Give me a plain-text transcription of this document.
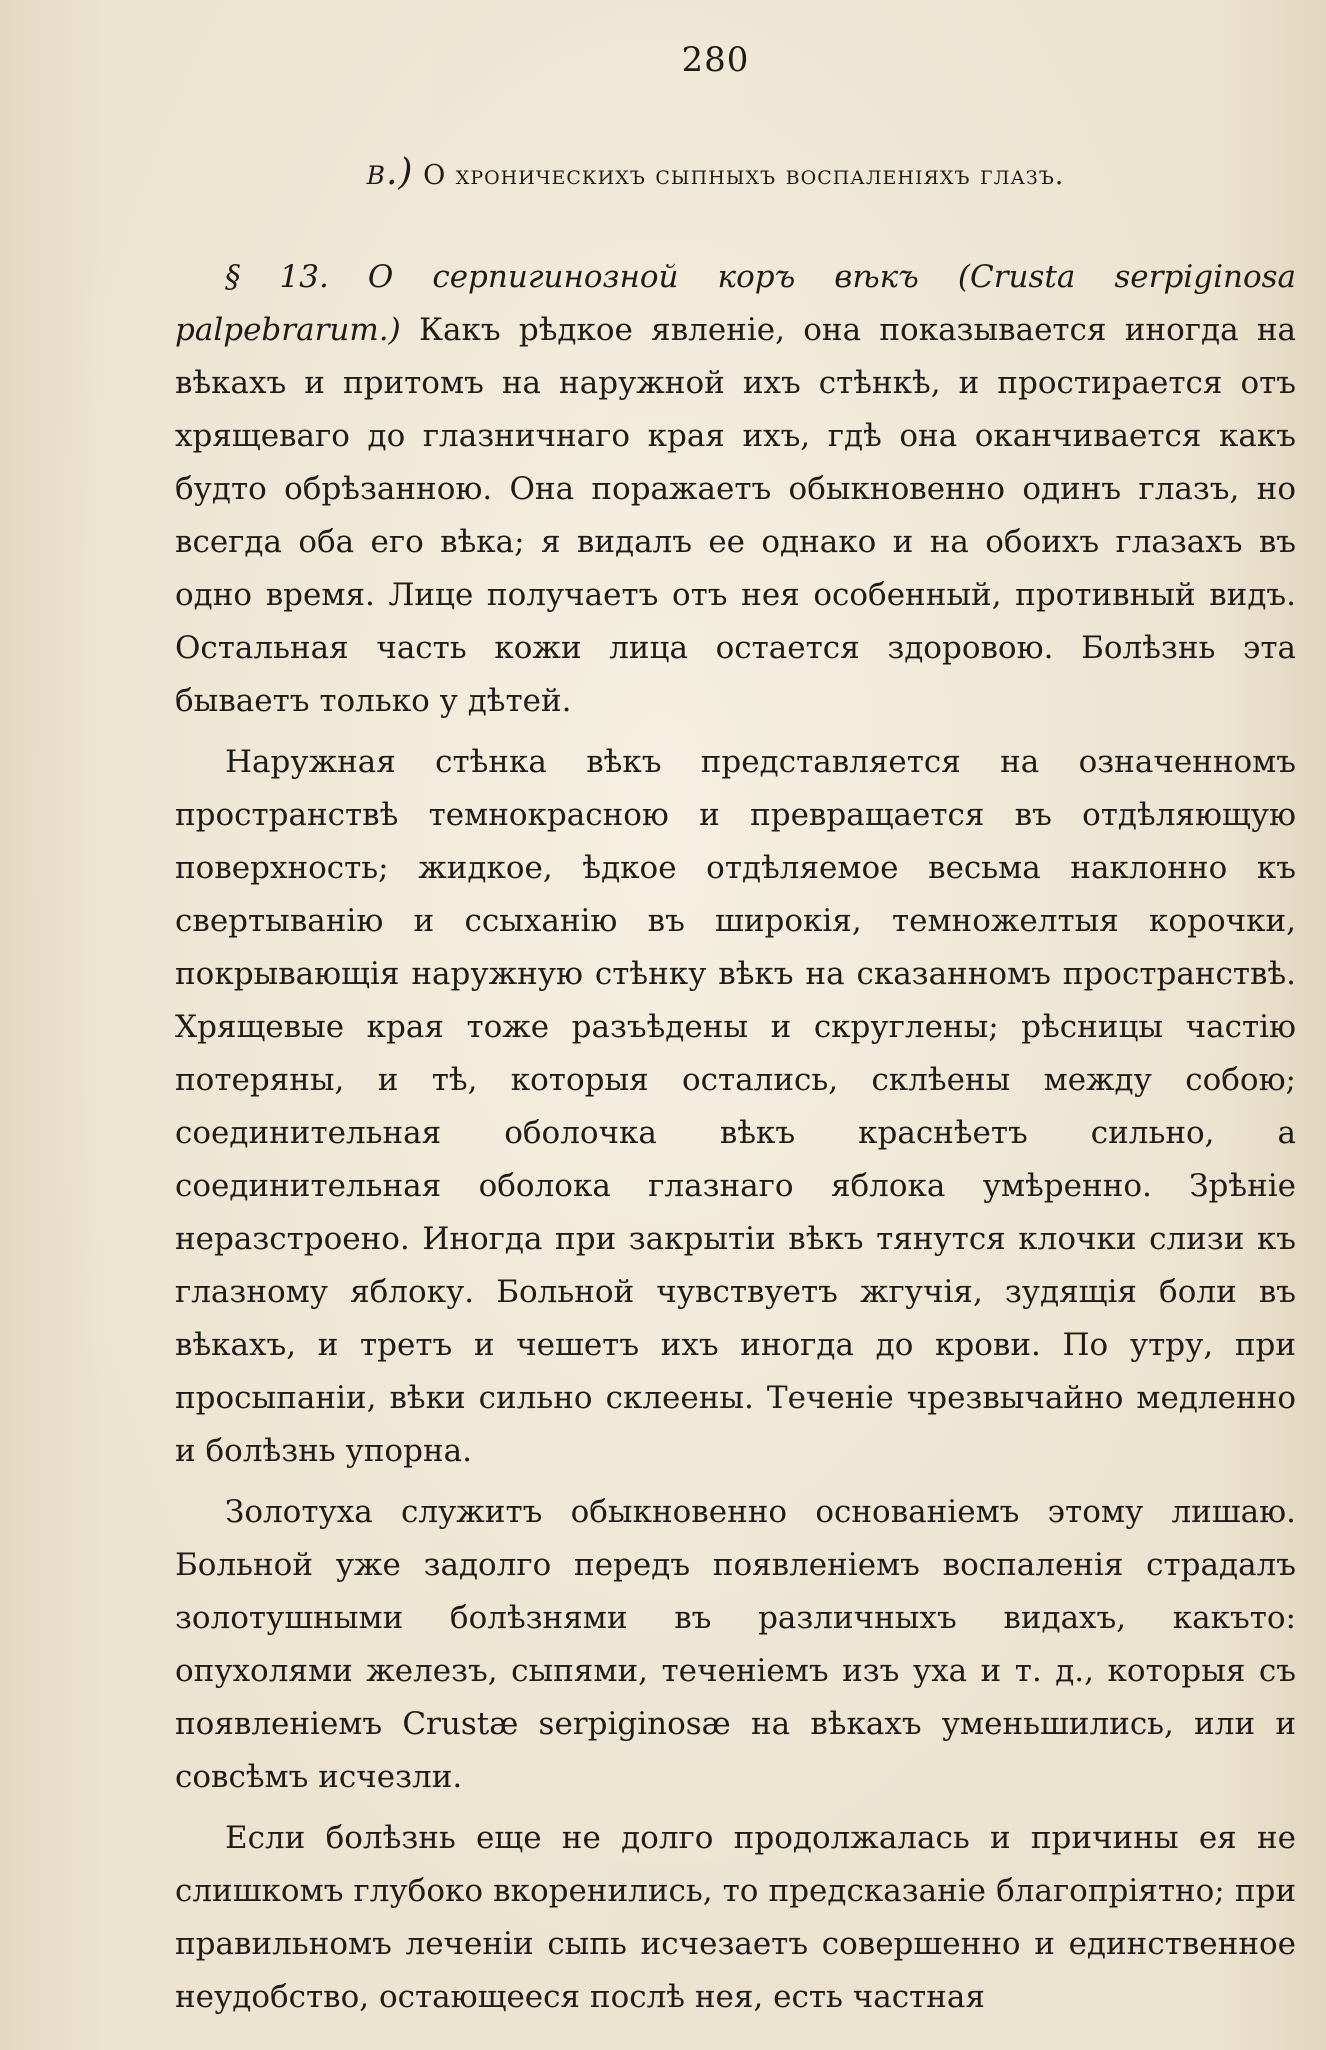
280
β.) О хроническихъ сыпныхъ воспаленіяхъ глазъ.

§ 13. О серпигинозной коръ вѣкъ (Crusta serpiginosa palpebrarum.) Какъ рѣдкое явленіе, она показывается иногда на вѣкахъ и притомъ на наружной ихъ стѣнкѣ, и простирается отъ хрящеваго до глазничнаго края ихъ, гдѣ она оканчивается какъ будто обрѣзанною. Она поражаетъ обыкновенно одинъ глазъ, но всегда оба его вѣка; я видалъ ее однако и на обоихъ глазахъ въ одно время. Лице получаетъ отъ нея особенный, противный видъ. Остальная часть кожи лица остается здоровою. Болѣзнь эта бываетъ только у дѣтей.

Наружная стѣнка вѣкъ представляется на означенномъ пространствѣ темнокрасною и превращается въ отдѣляющую поверхность; жидкое, ѣдкое отдѣляемое весьма наклонно къ свертыванію и ссыханію въ широкія, темножелтыя корочки, покрывающія наружную стѣнку вѣкъ на сказанномъ пространствѣ. Хрящевые края тоже разъѣдены и скруглены; рѣсницы частію потеряны, и тѣ, которыя остались, склѣены между собою; соединительная оболочка вѣкъ краснѣетъ сильно, а соединительная оболока глазнаго яблока умѣренно. Зрѣніе неразстроено. Иногда при закрытіи вѣкъ тянутся клочки слизи къ глазному яблоку. Больной чувствуетъ жгучія, зудящія боли въ вѣкахъ, и третъ и чешетъ ихъ иногда до крови. По утру, при просыпаніи, вѣки сильно склеены. Теченіе чрезвычайно медленно и болѣзнь упорна.

Золотуха служитъ обыкновенно основаніемъ этому лишаю. Больной уже задолго передъ появленіемъ воспаленія страдалъ золотушными болѣзнями въ различныхъ видахъ, какъто: опухолями железъ, сыпями, теченіемъ изъ уха и т. д., которыя съ появленіемъ Crustæ serpiginosæ на вѣкахъ уменьшились, или и совсѣмъ исчезли.

Если болѣзнь еще не долго продолжалась и причины ея не слишкомъ глубоко вкоренились, то предсказаніе благопріятно; при правильномъ леченіи сыпь исчезаетъ совершенно и единственное неудобство, остающееся послѣ нея, есть частная
